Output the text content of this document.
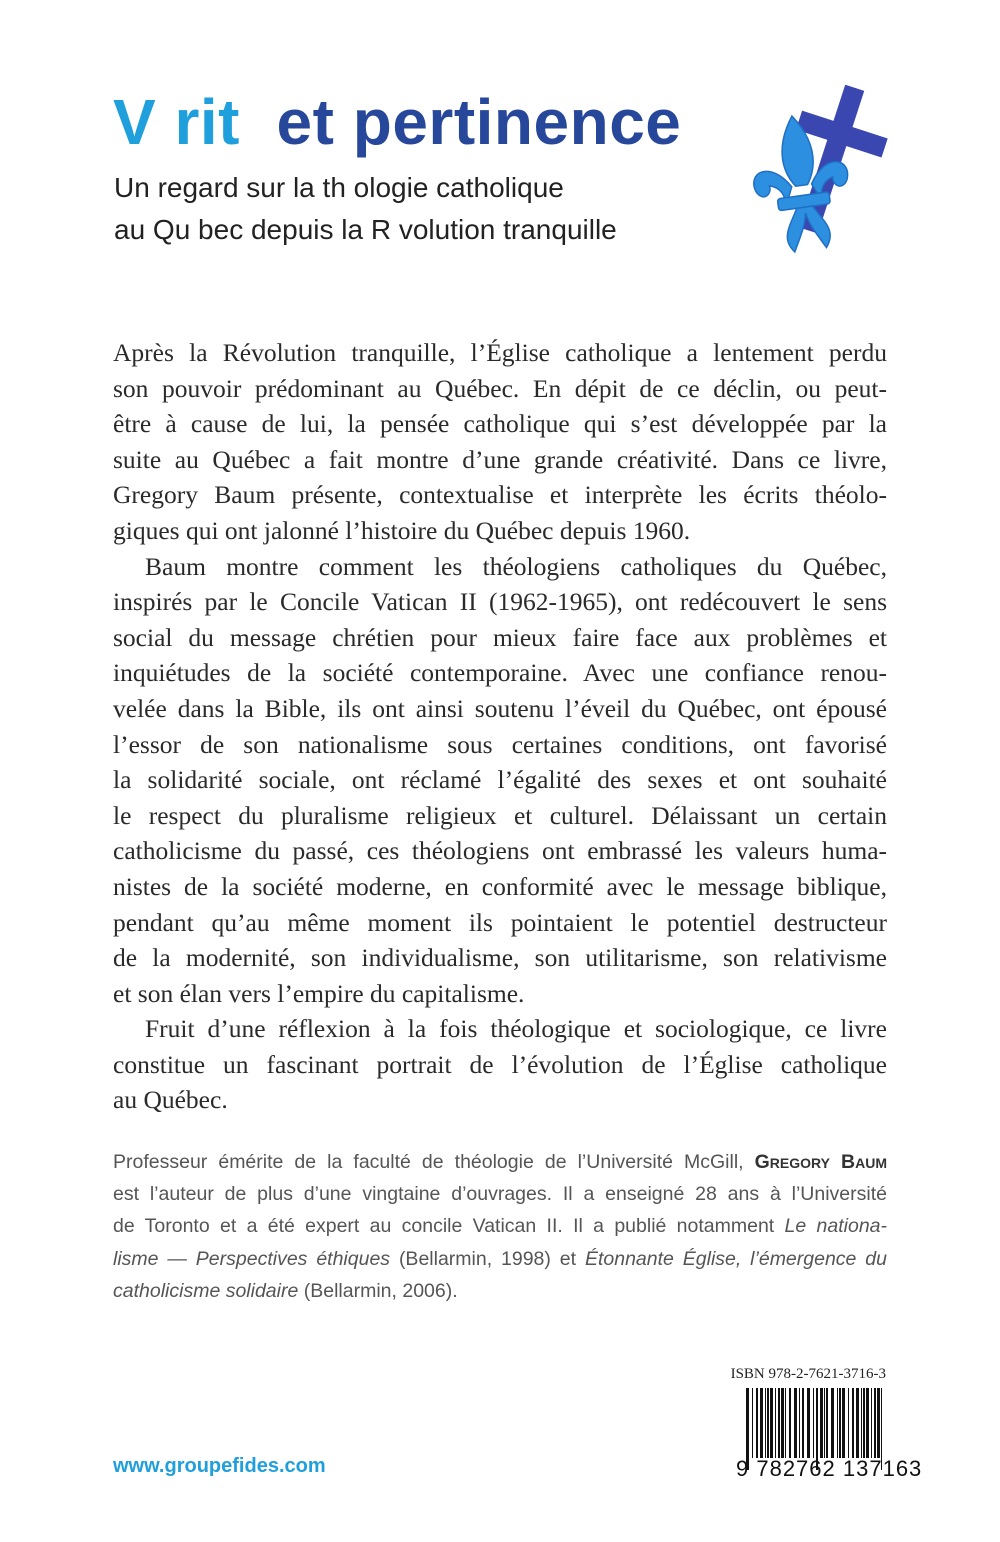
V rit  et pertinence
Un regard sur la th ologie catholique
au Qu bec depuis la R volution tranquille
Après la Révolution tranquille, l’Église catholique a lentement perdu
son pouvoir prédominant au Québec. En dépit de ce déclin, ou peut-
être à cause de lui, la pensée catholique qui s’est développée par la
suite au Québec a fait montre d’une grande créativité. Dans ce livre,
Gregory Baum présente, contextualise et interprète les écrits théolo-
giques qui ont jalonné l’histoire du Québec depuis 1960.
Baum montre comment les théologiens catholiques du Québec,
inspirés par le Concile Vatican II (1962-1965), ont redécouvert le sens
social du message chrétien pour mieux faire face aux problèmes et
inquiétudes de la société contemporaine. Avec une confiance renou-
velée dans la Bible, ils ont ainsi soutenu l’éveil du Québec, ont épousé
l’essor de son nationalisme sous certaines conditions, ont favorisé
la solidarité sociale, ont réclamé l’égalité des sexes et ont souhaité
le respect du pluralisme religieux et culturel. Délaissant un certain
catholicisme du passé, ces théologiens ont embrassé les valeurs huma-
nistes de la société moderne, en conformité avec le message biblique,
pendant qu’au même moment ils pointaient le potentiel destructeur
de la modernité, son individualisme, son utilitarisme, son relativisme
et son élan vers l’empire du capitalisme.
Fruit d’une réflexion à la fois théologique et sociologique, ce livre
constitue un fascinant portrait de l’évolution de l’Église catholique
au Québec.
Professeur émérite de la faculté de théologie de l’Université McGill, Gregory Baum
est l’auteur de plus d’une vingtaine d’ouvrages. Il a enseigné 28 ans à l’Université
de Toronto et a été expert au concile Vatican II. Il a publié notamment Le nationa-
lisme — Perspectives éthiques (Bellarmin, 1998) et Étonnante Église, l’émergence du
catholicisme solidaire (Bellarmin, 2006).
www.groupefides.com
ISBN 978-2-7621-3716-3
9 782762 137163
